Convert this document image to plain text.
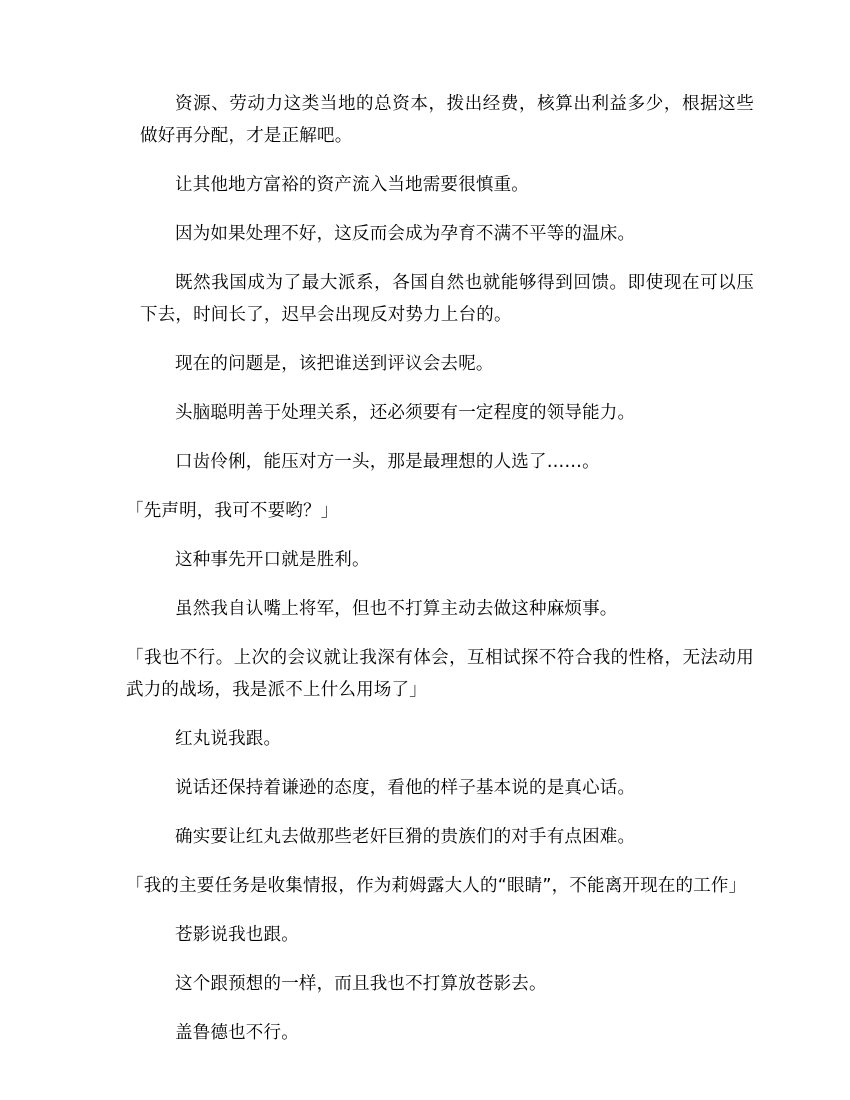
资源、劳动力这类当地的总资本，拨出经费，核算出利益多少，根据这些做好再分配，才是正解吧。

让其他地方富裕的资产流入当地需要很慎重。

因为如果处理不好，这反而会成为孕育不满不平等的温床。

既然我国成为了最大派系，各国自然也就能够得到回馈。即使现在可以压下去，时间长了，迟早会出现反对势力上台的。

现在的问题是，该把谁送到评议会去呢。

头脑聪明善于处理关系，还必须要有一定程度的领导能力。

口齿伶俐，能压对方一头，那是最理想的人选了……。

「先声明，我可不要哟？」

这种事先开口就是胜利。

虽然我自认嘴上将军，但也不打算主动去做这种麻烦事。

「我也不行。上次的会议就让我深有体会，互相试探不符合我的性格，无法动用武力的战场，我是派不上什么用场了」

红丸说我跟。

说话还保持着谦逊的态度，看他的样子基本说的是真心话。

确实要让红丸去做那些老奸巨猾的贵族们的对手有点困难。

「我的主要任务是收集情报，作为莉姆露大人的“眼睛”，不能离开现在的工作」

苍影说我也跟。

这个跟预想的一样，而且我也不打算放苍影去。

盖鲁德也不行。
